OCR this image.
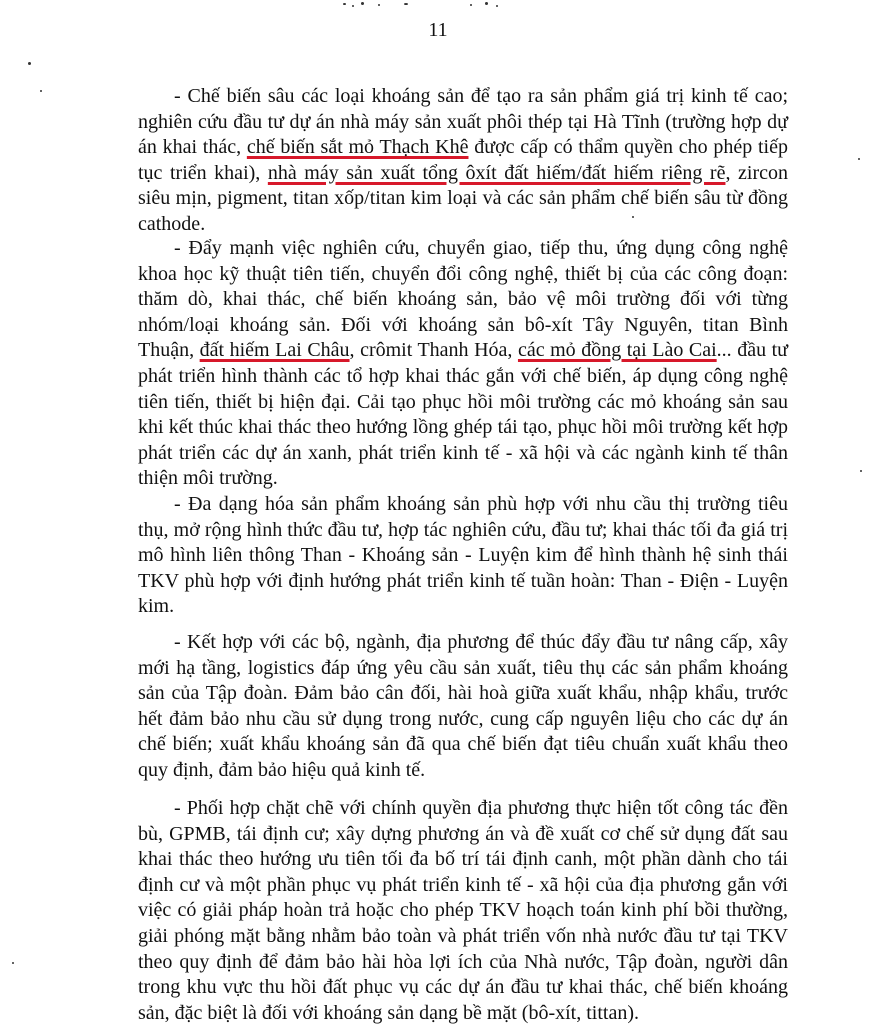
11

- Chế biến sâu các loại khoáng sản để tạo ra sản phẩm giá trị kinh tế cao; nghiên cứu đầu tư dự án nhà máy sản xuất phôi thép tại Hà Tĩnh (trường hợp dự án khai thác, chế biến sắt mỏ Thạch Khê được cấp có thẩm quyền cho phép tiếp tục triển khai), nhà máy sản xuất tổng ôxít đất hiếm/đất hiếm riêng rẽ, zircon siêu mịn, pigment, titan xốp/titan kim loại và các sản phẩm chế biến sâu từ đồng cathode.

- Đẩy mạnh việc nghiên cứu, chuyển giao, tiếp thu, ứng dụng công nghệ khoa học kỹ thuật tiên tiến, chuyển đổi công nghệ, thiết bị của các công đoạn: thăm dò, khai thác, chế biến khoáng sản, bảo vệ môi trường đối với từng nhóm/loại khoáng sản. Đối với khoáng sản bô-xít Tây Nguyên, titan Bình Thuận, đất hiếm Lai Châu, crômit Thanh Hóa, các mỏ đồng tại Lào Cai... đầu tư phát triển hình thành các tổ hợp khai thác gắn với chế biến, áp dụng công nghệ tiên tiến, thiết bị hiện đại. Cải tạo phục hồi môi trường các mỏ khoáng sản sau khi kết thúc khai thác theo hướng lồng ghép tái tạo, phục hồi môi trường kết hợp phát triển các dự án xanh, phát triển kinh tế - xã hội và các ngành kinh tế thân thiện môi trường.

- Đa dạng hóa sản phẩm khoáng sản phù hợp với nhu cầu thị trường tiêu thụ, mở rộng hình thức đầu tư, hợp tác nghiên cứu, đầu tư; khai thác tối đa giá trị mô hình liên thông Than - Khoáng sản - Luyện kim để hình thành hệ sinh thái TKV phù hợp với định hướng phát triển kinh tế tuần hoàn: Than - Điện - Luyện kim.

- Kết hợp với các bộ, ngành, địa phương để thúc đẩy đầu tư nâng cấp, xây mới hạ tầng, logistics đáp ứng yêu cầu sản xuất, tiêu thụ các sản phẩm khoáng sản của Tập đoàn. Đảm bảo cân đối, hài hoà giữa xuất khẩu, nhập khẩu, trước hết đảm bảo nhu cầu sử dụng trong nước, cung cấp nguyên liệu cho các dự án chế biến; xuất khẩu khoáng sản đã qua chế biến đạt tiêu chuẩn xuất khẩu theo quy định, đảm bảo hiệu quả kinh tế.

- Phối hợp chặt chẽ với chính quyền địa phương thực hiện tốt công tác đền bù, GPMB, tái định cư; xây dựng phương án và đề xuất cơ chế sử dụng đất sau khai thác theo hướng ưu tiên tối đa bố trí tái định canh, một phần dành cho tái định cư và một phần phục vụ phát triển kinh tế - xã hội của địa phương gắn với việc có giải pháp hoàn trả hoặc cho phép TKV hoạch toán kinh phí bồi thường, giải phóng mặt bằng nhằm bảo toàn và phát triển vốn nhà nước đầu tư tại TKV theo quy định để đảm bảo hài hòa lợi ích của Nhà nước, Tập đoàn, người dân trong khu vực thu hồi đất phục vụ các dự án đầu tư khai thác, chế biến khoáng sản, đặc biệt là đối với khoáng sản dạng bề mặt (bô-xít, tittan).
